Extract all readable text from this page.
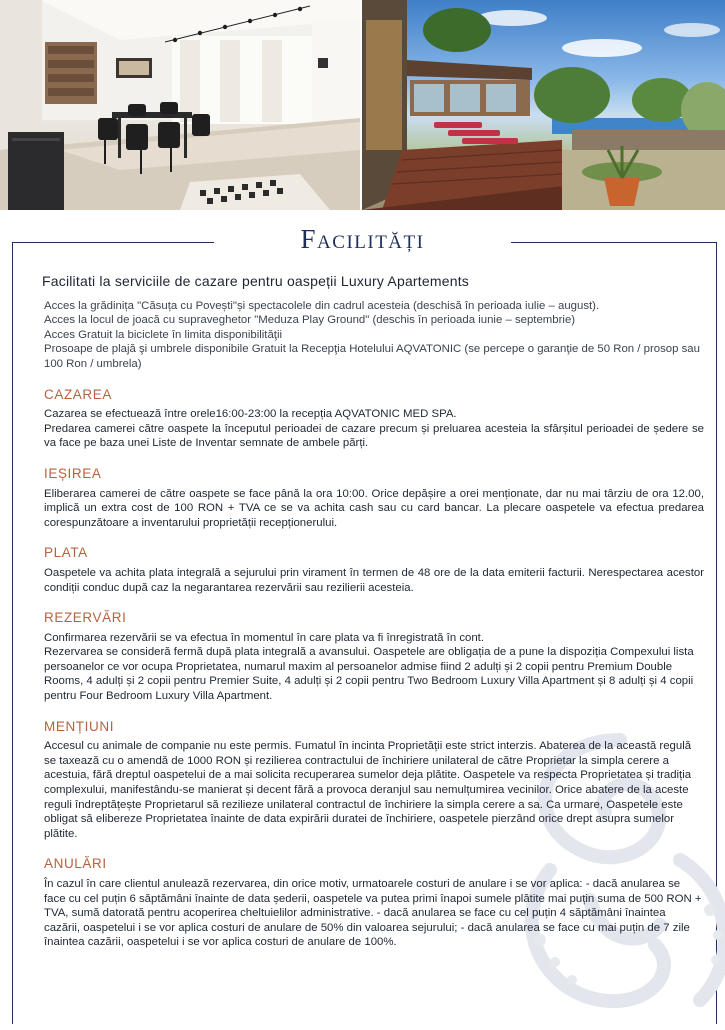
Facilități
Facilitati la serviciile de cazare pentru oaspeții Luxury Apartements

Acces la grădinița "Căsuța cu Povești"și spectacolele din cadrul acesteia (deschisă în perioada iulie – august).

Acces la locul de joacă cu supraveghetor "Meduza Play Ground" (deschis în perioada iunie – septembrie)

Acces Gratuit la biciclete în limita disponibilităţii

Prosoape de plajă şi umbrele disponibile Gratuit la Recepţia Hotelului AQVATONIC (se percepe o garanţie de 50 Ron / prosop sau 100 Ron / umbrela)

CAZAREA

Cazarea se efectuează între orele16:00-23:00 la recepția AQVATONIC MED SPA.
Predarea camerei către oaspete la începutul perioadei de cazare precum și preluarea acesteia la sfârșitul perioadei de ședere se va face pe baza unei Liste de Inventar semnate de ambele părți.

IEȘIREA

Eliberarea camerei de către oaspete se face până la ora 10:00. Orice depășire a orei menționate, dar nu mai târziu de ora 12.00, implică un extra cost de 100 RON + TVA ce se va achita cash sau cu card bancar. La plecare oaspetele va efectua predarea corespunzătoare a inventarului proprietății recepționerului.

PLATA

Oaspetele va achita plata integrală a sejurului prin virament în termen de 48 ore de la data emiterii facturii. Nerespectarea acestor condiții conduc după caz la negarantarea rezervării sau rezilierii acesteia.

REZERVĂRI

Confirmarea rezervării se va efectua în momentul în care plata va fi înregistrată în cont.
Rezervarea se consideră fermă după plata integrală a avansului. Oaspetele are obligația de a pune la dispoziția Compexului lista persoanelor ce vor ocupa Proprietatea, numarul maxim al persoanelor admise fiind 2 adulți și 2 copii pentru Premium Double Rooms, 4 adulți și 2 copii pentru Premier Suite, 4 adulți și 2 copii pentru Two Bedroom Luxury Villa Apartment și 8 adulți și 4 copii pentru Four Bedroom Luxury Villa Apartment.

MENȚIUNI

Accesul cu animale de companie nu este permis. Fumatul în incinta Proprietății este strict interzis. Abaterea de la această regulă se taxează cu o amendă de 1000 RON și rezilierea contractului de închiriere unilateral de către Proprietar la simpla cerere a acestuia, fără dreptul oaspetelui de a mai solicita recuperarea sumelor deja plătite. Oaspetele va respecta Proprietatea și tradiția complexului, manifestându-se manierat și decent fără a provoca deranjul sau nemulțumirea vecinilor. Orice abatere de la aceste reguli îndreptățește Proprietarul să rezilieze unilateral contractul de închiriere la simpla cerere a sa. Ca urmare, Oaspetele este obligat să elibereze Proprietatea înainte de data expirării duratei de închiriere, oaspetele pierzând orice drept asupra sumelor plătite.

ANULĂRI

În cazul în care clientul anulează rezervarea, din orice motiv, urmatoarele costuri de anulare i se vor aplica: - dacă anularea se face cu cel puțin 6 săptămâni înainte de data șederii, oaspetele va putea primi înapoi sumele plătite mai puțin suma de 500 RON + TVA, sumă datorată pentru acoperirea cheltuielilor administrative. - dacă anularea se face cu cel puțin 4 săptămâni înaintea cazării, oaspetelui i se vor aplica costuri de anulare de 50% din valoarea sejurului; - dacă anularea se face cu mai puțin de 7 zile înaintea cazării, oaspetelui i se vor aplica costuri de anulare de 100%.
